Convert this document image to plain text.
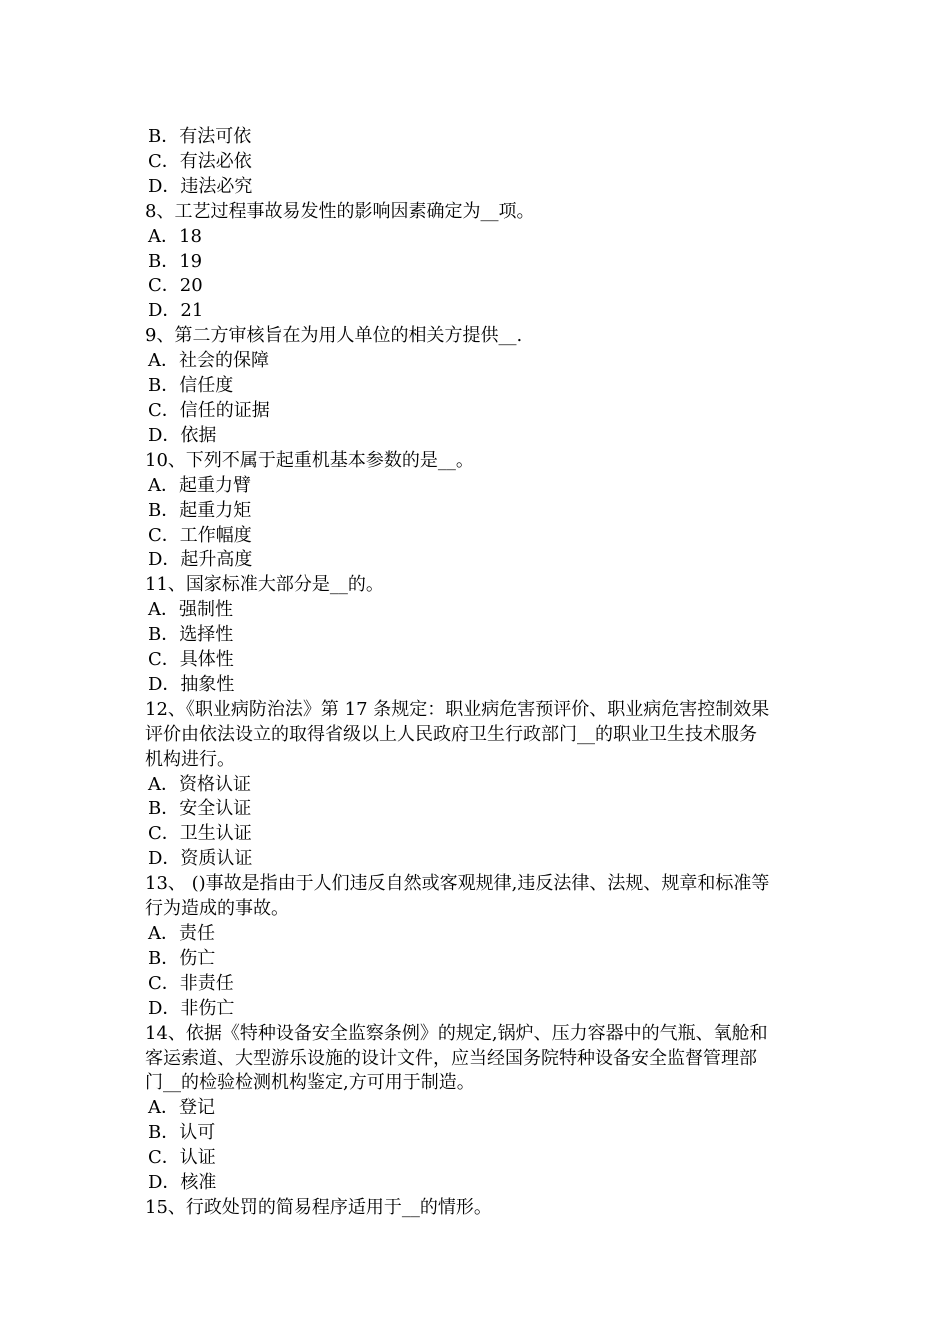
B．有法可依
C．有法必依
D．违法必究
8、工艺过程事故易发性的影响因素确定为__项。
A．18
B．19
C．20
D．21
9、第二方审核旨在为用人单位的相关方提供__.
A．社会的保障
B．信任度
C．信任的证据
D．依据
10、下列不属于起重机基本参数的是__。
A．起重力臂
B．起重力矩
C．工作幅度
D．起升高度
11、国家标准大部分是__的。
A．强制性
B．选择性
C．具体性
D．抽象性
12、《职业病防治法》第 17 条规定：职业病危害预评价、职业病危害控制效果
评价由依法设立的取得省级以上人民政府卫生行政部门__的职业卫生技术服务
机构进行。
A．资格认证
B．安全认证
C．卫生认证
D．资质认证
13、 ()事故是指由于人们违反自然或客观规律,违反法律、法规、规章和标准等
行为造成的事故。
A．责任
B．伤亡
C．非责任
D．非伤亡
14、依据《特种设备安全监察条例》的规定,锅炉、压力容器中的气瓶、氧舱和
客运索道、大型游乐设施的设计文件，应当经国务院特种设备安全监督管理部
门__的检验检测机构鉴定,方可用于制造。
A．登记
B．认可
C．认证
D．核准
15、行政处罚的简易程序适用于__的情形。
